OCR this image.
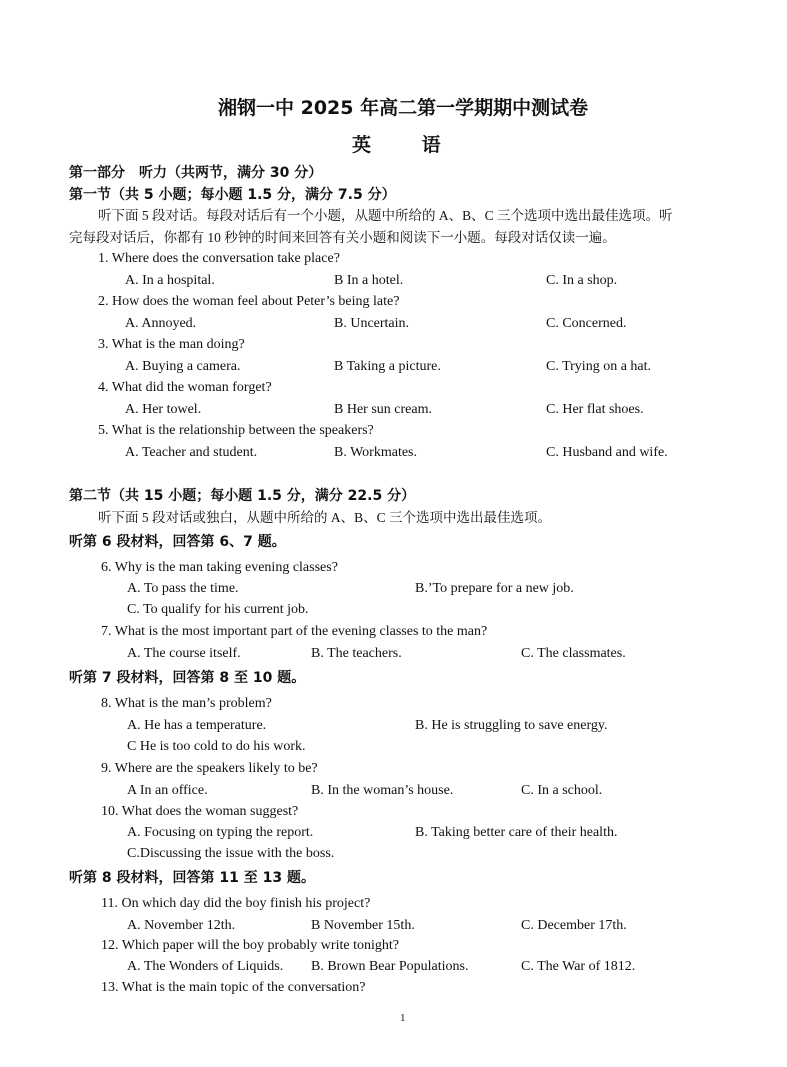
湘钢一中 2025 年高二第一学期期中测试卷
英 语
第一部分　听力（共两节，满分 30 分）
第一节（共 5 小题；每小题 1.5 分，满分 7.5 分）
听下面 5 段对话。每段对话后有一个小题，从题中所给的 A、B、C 三个选项中选出最佳选项。听
完每段对话后，你都有 10 秒钟的时间来回答有关小题和阅读下一小题。每段对话仅读一遍。
1. Where does the conversation take place?
A. In a hospital.	B In a hotel.	C. In a shop.
2. How does the woman feel about Peter’s being late?
A. Annoyed.	B. Uncertain.	C. Concerned.
3. What is the man doing?
A. Buying a camera.	B Taking a picture.	C. Trying on a hat.
4. What did the woman forget?
A. Her towel.	B Her sun cream.	C. Her flat shoes.
5. What is the relationship between the speakers?
A. Teacher and student.	B. Workmates.	C. Husband and wife.
第二节（共 15 小题；每小题 1.5 分，满分 22.5 分）
听下面 5 段对话或独白，从题中所给的 A、B、C 三个选项中选出最佳选项。
听第 6 段材料，回答第 6、7 题。
6. Why is the man taking evening classes?
A. To pass the time.	B.’To prepare for a new job.
C. To qualify for his current job.
7. What is the most important part of the evening classes to the man?
A. The course itself.	B. The teachers.	C. The classmates.
听第 7 段材料，回答第 8 至 10 题。
8. What is the man’s problem?
A. He has a temperature.	B. He is struggling to save energy.
C He is too cold to do his work.
9. Where are the speakers likely to be?
A In an office.	B. In the woman’s house.	C. In a school.
10. What does the woman suggest?
A. Focusing on typing the report.	B. Taking better care of their health.
C.Discussing the issue with the boss.
听第 8 段材料，回答第 11 至 13 题。
11. On which day did the boy finish his project?
A. November 12th.	B November 15th.	C. December 17th.
12. Which paper will the boy probably write tonight?
A. The Wonders of Liquids. B. Brown Bear Populations.	C. The War of 1812.
13. What is the main topic of the conversation?
1
